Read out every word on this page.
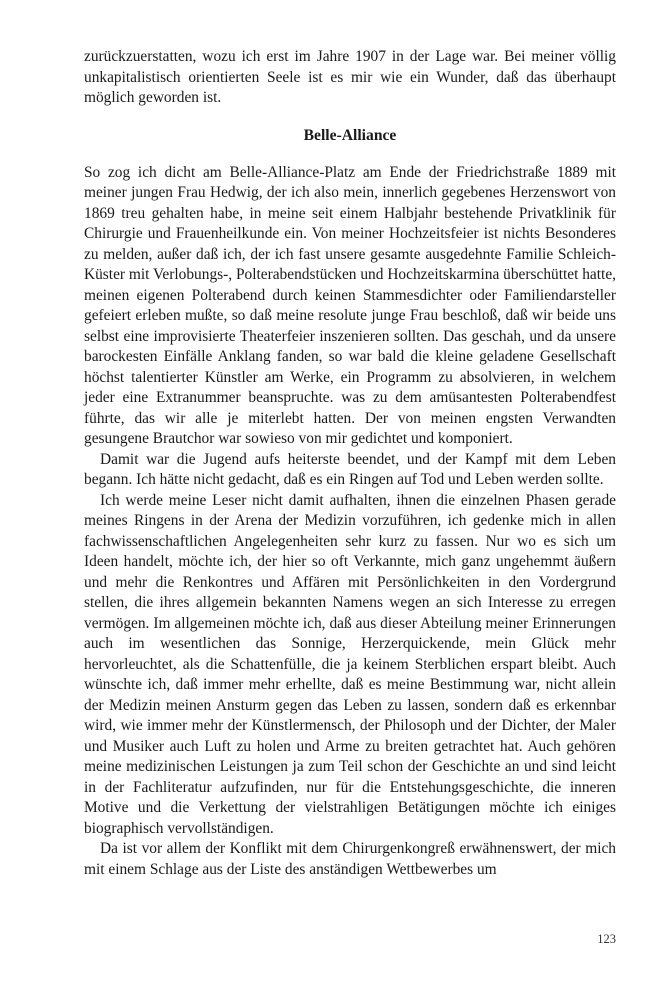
zurückzuerstatten, wozu ich erst im Jahre 1907 in der Lage war. Bei meiner völlig unkapitalistisch orientierten Seele ist es mir wie ein Wunder, daß das überhaupt möglich geworden ist.

Belle-Alliance

So zog ich dicht am Belle-Alliance-Platz am Ende der Friedrichstraße 1889 mit meiner jungen Frau Hedwig, der ich also mein, innerlich gegebenes Herzenswort von 1869 treu gehalten habe, in meine seit einem Halbjahr bestehende Privatklinik für Chirurgie und Frauenheilkunde ein. Von meiner Hochzeitsfeier ist nichts Besonderes zu melden, außer daß ich, der ich fast unsere gesamte ausgedehnte Familie Schleich-Küster mit Verlobungs-, Polterabendstücken und Hochzeitskarmina überschüttet hatte, meinen eigenen Polterabend durch keinen Stammesdichter oder Familiendarsteller gefeiert erleben mußte, so daß meine resolute junge Frau beschloß, daß wir beide uns selbst eine improvisierte Theaterfeier inszenieren sollten. Das geschah, und da unsere barockesten Einfälle Anklang fanden, so war bald die kleine geladene Gesellschaft höchst talentierter Künstler am Werke, ein Programm zu absolvieren, in welchem jeder eine Extranummer beanspruchte. was zu dem amüsantesten Polterabendfest führte, das wir alle je miterlebt hatten. Der von meinen engsten Verwandten gesungene Brautchor war sowieso von mir gedichtet und komponiert.

Damit war die Jugend aufs heiterste beendet, und der Kampf mit dem Leben begann. Ich hätte nicht gedacht, daß es ein Ringen auf Tod und Leben werden sollte.

Ich werde meine Leser nicht damit aufhalten, ihnen die einzelnen Phasen gerade meines Ringens in der Arena der Medizin vorzuführen, ich gedenke mich in allen fachwissenschaftlichen Angelegenheiten sehr kurz zu fassen. Nur wo es sich um Ideen handelt, möchte ich, der hier so oft Verkannte, mich ganz ungehemmt äußern und mehr die Renkontres und Affären mit Persönlichkeiten in den Vordergrund stellen, die ihres allgemein bekannten Namens wegen an sich Interesse zu erregen vermögen. Im allgemeinen möchte ich, daß aus dieser Abteilung meiner Erinnerungen auch im wesentlichen das Sonnige, Herzerquickende, mein Glück mehr hervorleuchtet, als die Schattenfülle, die ja keinem Sterblichen erspart bleibt. Auch wünschte ich, daß immer mehr erhellte, daß es meine Bestimmung war, nicht allein der Medizin meinen Ansturm gegen das Leben zu lassen, sondern daß es erkennbar wird, wie immer mehr der Künstlermensch, der Philosoph und der Dichter, der Maler und Musiker auch Luft zu holen und Arme zu breiten getrachtet hat. Auch gehören meine medizinischen Leistungen ja zum Teil schon der Geschichte an und sind leicht in der Fachliteratur aufzufinden, nur für die Entstehungsgeschichte, die inneren Motive und die Verkettung der vielstrahligen Betätigungen möchte ich einiges biographisch vervollständigen.

Da ist vor allem der Konflikt mit dem Chirurgenkongreß erwähnenswert, der mich mit einem Schlage aus der Liste des anständigen Wettbewerbes um

123
